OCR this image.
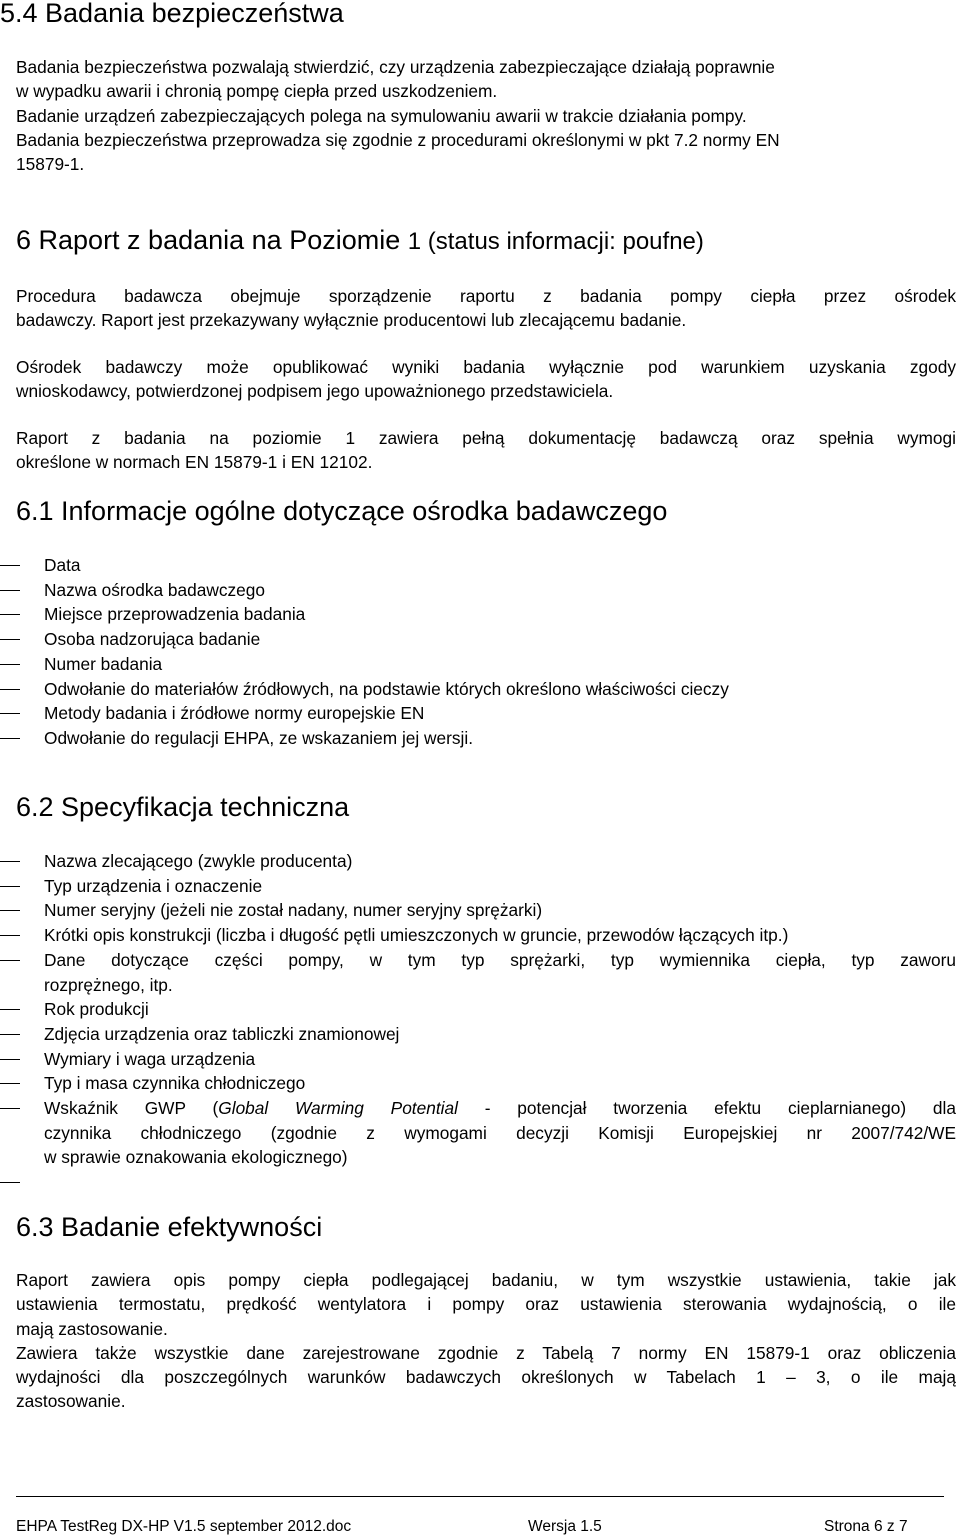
5.4 Badania bezpieczeństwa
Badania bezpieczeństwa pozwalają stwierdzić, czy urządzenia zabezpieczające działają poprawnie
w wypadku awarii i chronią pompę ciepła przed uszkodzeniem.
Badanie urządzeń zabezpieczających polega na symulowaniu awarii w trakcie działania pompy.
Badania bezpieczeństwa przeprowadza się zgodnie z procedurami określonymi w pkt 7.2 normy EN
15879-1.
6 Raport z badania na Poziomie 1 (status informacji: poufne)
Procedura badawcza obejmuje sporządzenie raportu z badania pompy ciepła przez ośrodek
badawczy. Raport jest przekazywany wyłącznie producentowi lub zlecającemu badanie.
Ośrodek badawczy może opublikować wyniki badania wyłącznie pod warunkiem uzyskania zgody
wnioskodawcy, potwierdzonej podpisem jego upoważnionego przedstawiciela.
Raport z badania na poziomie 1 zawiera pełną dokumentację badawczą oraz spełnia wymogi
określone w normach EN 15879-1 i EN 12102.
6.1 Informacje ogólne dotyczące ośrodka badawczego
Data
Nazwa ośrodka badawczego
Miejsce przeprowadzenia badania
Osoba nadzorująca badanie
Numer badania
Odwołanie do materiałów źródłowych, na podstawie których określono właściwości cieczy
Metody badania i źródłowe normy europejskie EN
Odwołanie do regulacji EHPA, ze wskazaniem jej wersji.
6.2 Specyfikacja techniczna
Nazwa zlecającego (zwykle producenta)
Typ urządzenia i oznaczenie
Numer seryjny (jeżeli nie został nadany, numer seryjny sprężarki)
Krótki opis konstrukcji (liczba i długość pętli umieszczonych w gruncie, przewodów łączących itp.)
Dane dotyczące części pompy, w tym typ sprężarki, typ wymiennika ciepła, typ zaworu
rozprężnego, itp.
Rok produkcji
Zdjęcia urządzenia oraz tabliczki znamionowej
Wymiary i waga urządzenia
Typ i masa czynnika chłodniczego
Wskaźnik GWP (Global Warming Potential - potencjał tworzenia efektu cieplarnianego) dla
czynnika chłodniczego (zgodnie z wymogami decyzji Komisji Europejskiej nr 2007/742/WE
w sprawie oznakowania ekologicznego)
6.3 Badanie efektywności
Raport zawiera opis pompy ciepła podlegającej badaniu, w tym wszystkie ustawienia, takie jak
ustawienia termostatu, prędkość wentylatora i pompy oraz ustawienia sterowania wydajnością, o ile
mają zastosowanie.
Zawiera także wszystkie dane zarejestrowane zgodnie z Tabelą 7 normy EN 15879-1 oraz obliczenia
wydajności dla poszczególnych warunków badawczych określonych w Tabelach 1 – 3, o ile mają
zastosowanie.
EHPA TestReg DX-HP V1.5 september 2012.doc	Wersja 1.5	Strona 6 z 7
